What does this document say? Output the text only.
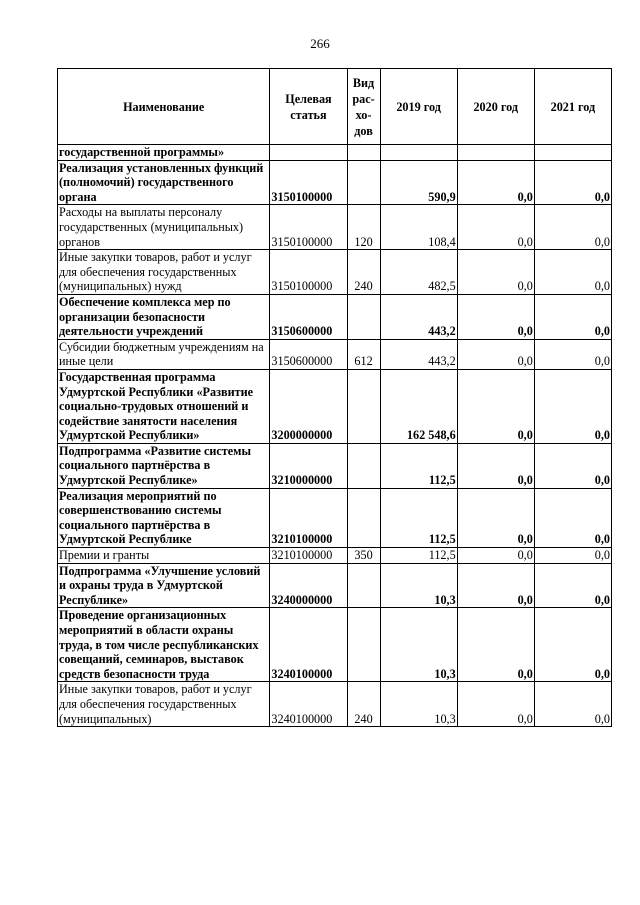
266
Наименование	Целевая статья	Вид рас-хо-дов	2019 год	2020 год	2021 год
государственной программы»					
Реализация установленных функций (полномочий) государственного органа	3150100000		590,9	0,0	0,0
Расходы на выплаты персоналу государственных (муниципальных) органов	3150100000	120	108,4	0,0	0,0
Иные закупки товаров, работ и услуг для обеспечения государственных (муниципальных) нужд	3150100000	240	482,5	0,0	0,0
Обеспечение комплекса мер по организации безопасности деятельности учреждений	3150600000		443,2	0,0	0,0
Субсидии бюджетным учреждениям на иные цели	3150600000	612	443,2	0,0	0,0
Государственная программа Удмуртской Республики «Развитие социально-трудовых отношений и содействие занятости населения Удмуртской Республики»	3200000000		162 548,6	0,0	0,0
Подпрограмма «Развитие системы социального партнёрства в Удмуртской Республике»	3210000000		112,5	0,0	0,0
Реализация мероприятий по совершенствованию системы социального партнёрства в Удмуртской Республике	3210100000		112,5	0,0	0,0
Премии и гранты	3210100000	350	112,5	0,0	0,0
Подпрограмма «Улучшение условий и охраны труда в Удмуртской Республике»	3240000000		10,3	0,0	0,0
Проведение организационных мероприятий в области охраны труда, в том числе республиканских совещаний, семинаров, выставок средств безопасности труда	3240100000		10,3	0,0	0,0
Иные закупки товаров, работ и услуг для обеспечения государственных (муниципальных)	3240100000	240	10,3	0,0	0,0
